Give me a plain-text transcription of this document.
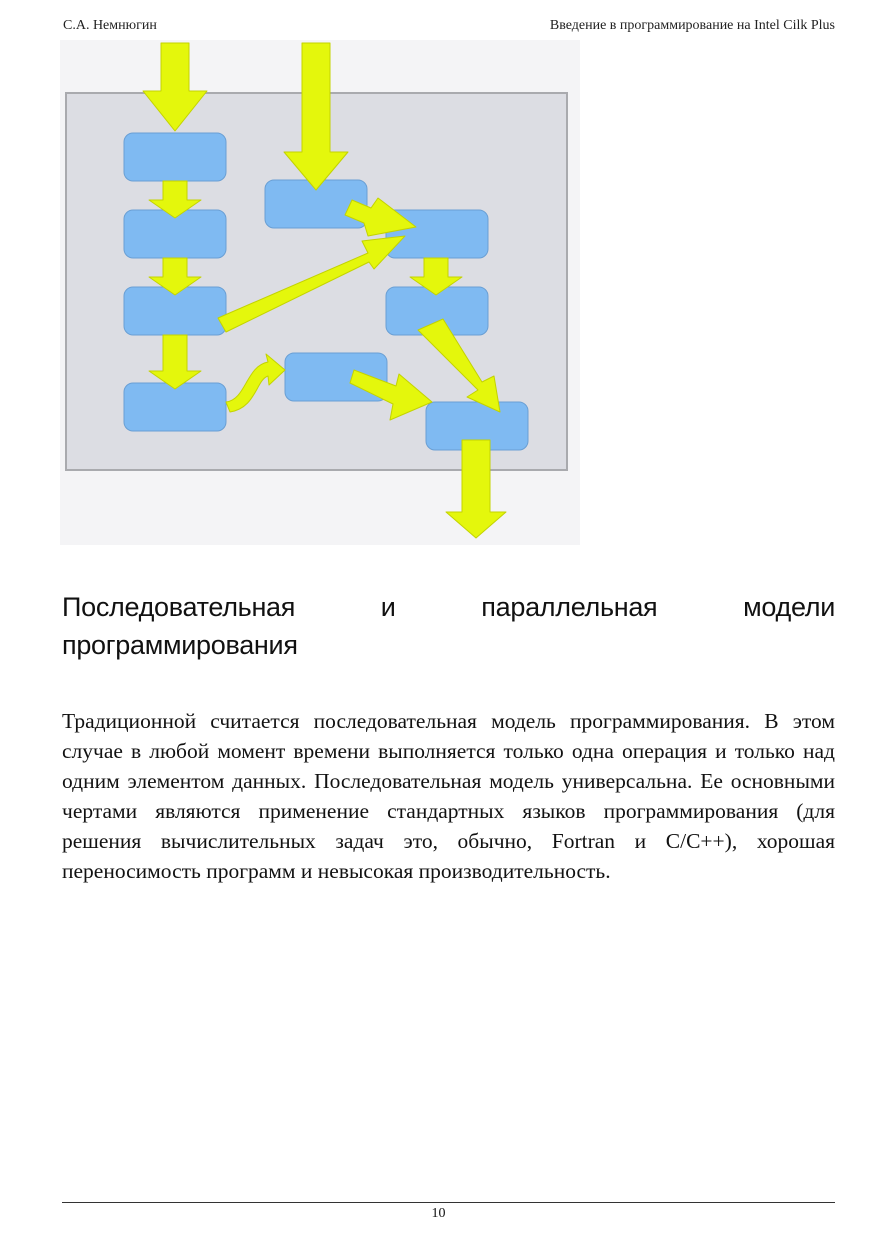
С.А. Немнюгин	Введение в программирование на Intel Cilk Plus
Последовательная и параллельная модели программирования

Традиционной считается последовательная модель программирования. В этом случае в любой момент времени выполняется только одна операция и только над одним элементом данных. Последовательная модель универсальна. Ее основными чертами являются применение стандартных языков программирования (для решения вычислительных задач это, обычно, Fortran и C/C++), хорошая переносимость программ и невысокая производительность.

10
